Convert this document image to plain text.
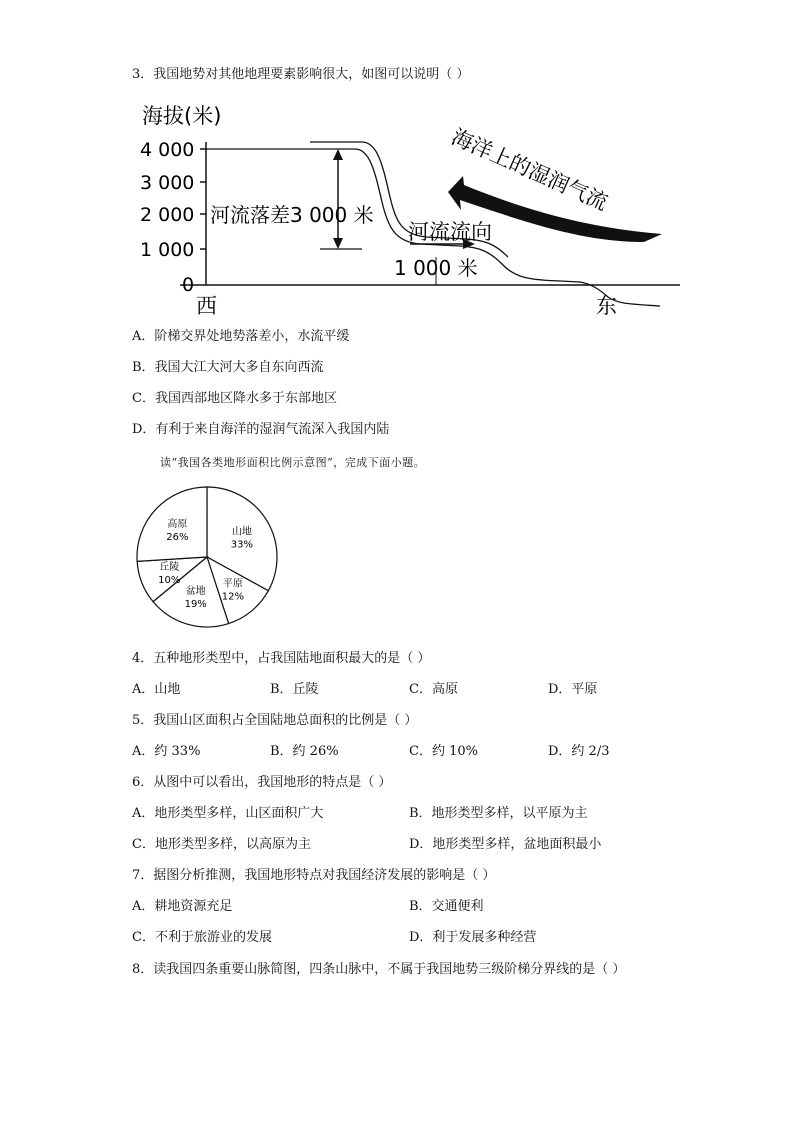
3．我国地势对其他地理要素影响很大，如图可以说明（ ）
海拔(米)
4 000
3 000
2 000
1 000
0
西	东
河流落差3 000 米
河流流向
1 000 米
海洋上的湿润气流
A．阶梯交界处地势落差小，水流平缓
B．我国大江大河大多自东向西流
C．我国西部地区降水多于东部地区
D．有利于来自海洋的湿润气流深入我国内陆
读“我国各类地形面积比例示意图”，完成下面小题。
山地
33%
平原
12%
盆地
19%
丘陵
10%
高原
26%
4．五种地形类型中，占我国陆地面积最大的是（ ）
A．山地	B．丘陵	C．高原	D．平原
5．我国山区面积占全国陆地总面积的比例是（ ）
A．约 33%	B．约 26%	C．约 10%	D．约 2/3
6．从图中可以看出，我国地形的特点是（ ）
A．地形类型多样，山区面积广大	B．地形类型多样，以平原为主
C．地形类型多样，以高原为主	D．地形类型多样，盆地面积最小
7．据图分析推测，我国地形特点对我国经济发展的影响是（ ）
A．耕地资源充足	B．交通便利
C．不利于旅游业的发展	D．利于发展多种经营
8．读我国四条重要山脉简图，四条山脉中，不属于我国地势三级阶梯分界线的是（ ）
